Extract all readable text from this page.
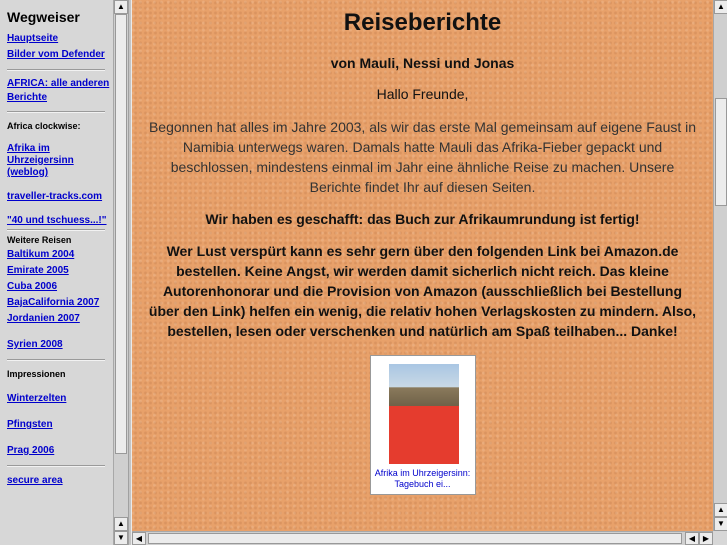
Wegweiser
Hauptseite
Bilder vom Defender
AFRICA: alle anderen Berichte
Africa clockwise:
Afrika im Uhrzeigersinn (weblog)
traveller-tracks.com
"40 und tschuess...!"
Weitere Reisen
Baltikum 2004
Emirate 2005
Cuba 2006
BajaCalifornia 2007
Jordanien 2007
Syrien 2008
Impressionen
Winterzelten
Pfingsten
Prag 2006
secure area
▲
▲
▼
Reiseberichte

von Mauli, Nessi und Jonas

Hallo Freunde,

Begonnen hat alles im Jahre 2003, als wir das erste Mal gemeinsam auf eigene Faust in Namibia unterwegs waren. Damals hatte Mauli das Afrika-Fieber gepackt und beschlossen, mindestens einmal im Jahr eine ähnliche Reise zu machen. Unsere Berichte findet Ihr auf diesen Seiten.

Wir haben es geschafft: das Buch zur Afrikaumrundung ist fertig!

Wer Lust verspürt kann es sehr gern über den folgenden Link bei Amazon.de bestellen. Keine Angst, wir werden damit sicherlich nicht reich. Das kleine Autorenhonorar und die Provision von Amazon (ausschließlich bei Bestellung über den Link) helfen ein wenig, die relativ hohen Verlagskosten zu mindern. Also, bestellen, lesen oder verschenken und natürlich am Spaß teilhaben... Danke!

Afrika im Uhrzeigersinn: Tagebuch ei...
▲
▲
▼
◀	◀ ▶
